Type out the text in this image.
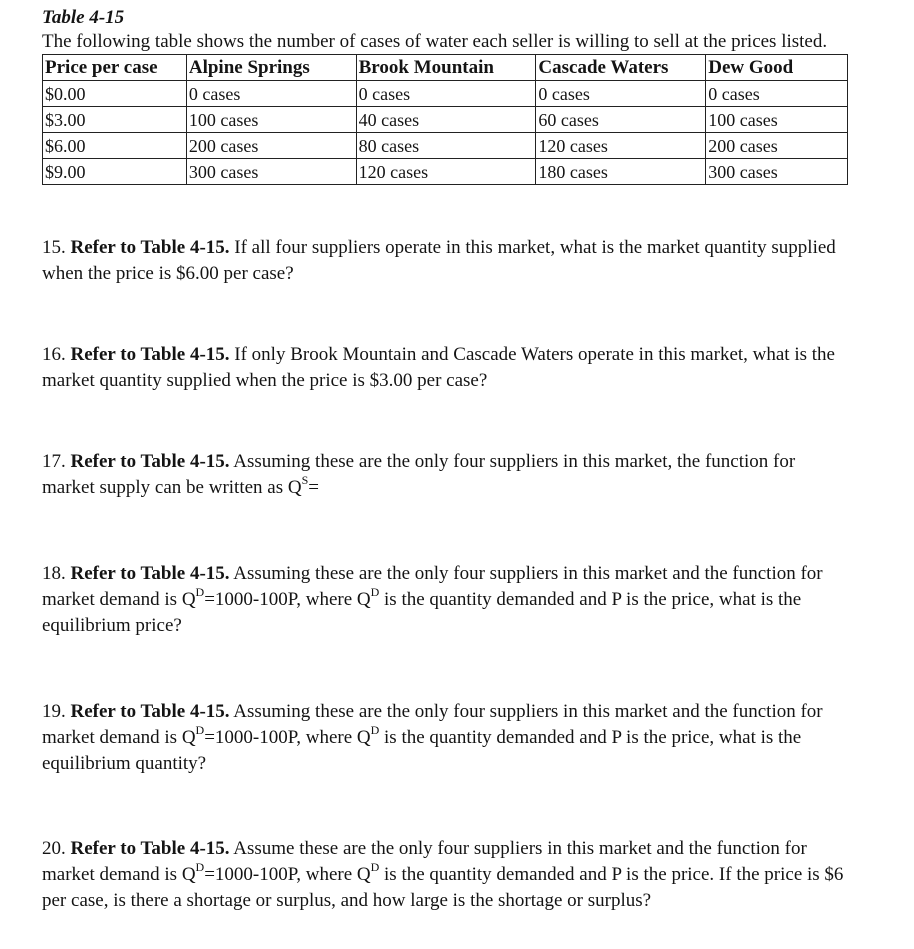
Table 4-15

The following table shows the number of cases of water each seller is willing to sell at the prices listed.

Price per case	Alpine Springs	Brook Mountain	Cascade Waters	Dew Good
$0.00	0 cases	0 cases	0 cases	0 cases
$3.00	100 cases	40 cases	60 cases	100 cases
$6.00	200 cases	80 cases	120 cases	200 cases
$9.00	300 cases	120 cases	180 cases	300 cases

15. Refer to Table 4-15. If all four suppliers operate in this market, what is the market quantity supplied when the price is $6.00 per case?

16. Refer to Table 4-15. If only Brook Mountain and Cascade Waters operate in this market, what is the market quantity supplied when the price is $3.00 per case?

17. Refer to Table 4-15. Assuming these are the only four suppliers in this market, the function for market supply can be written as $Q^S=$

18. Refer to Table 4-15. Assuming these are the only four suppliers in this market and the function for market demand is $Q^D=1000-100P$, where $Q^D$ is the quantity demanded and P is the price, what is the equilibrium price?

19. Refer to Table 4-15. Assuming these are the only four suppliers in this market and the function for market demand is $Q^D=1000-100P$, where $Q^D$ is the quantity demanded and P is the price, what is the equilibrium quantity?

20. Refer to Table 4-15. Assume these are the only four suppliers in this market and the function for market demand is $Q^D=1000-100P$, where $Q^D$ is the quantity demanded and P is the price. If the price is $6 per case, is there a shortage or surplus, and how large is the shortage or surplus?
